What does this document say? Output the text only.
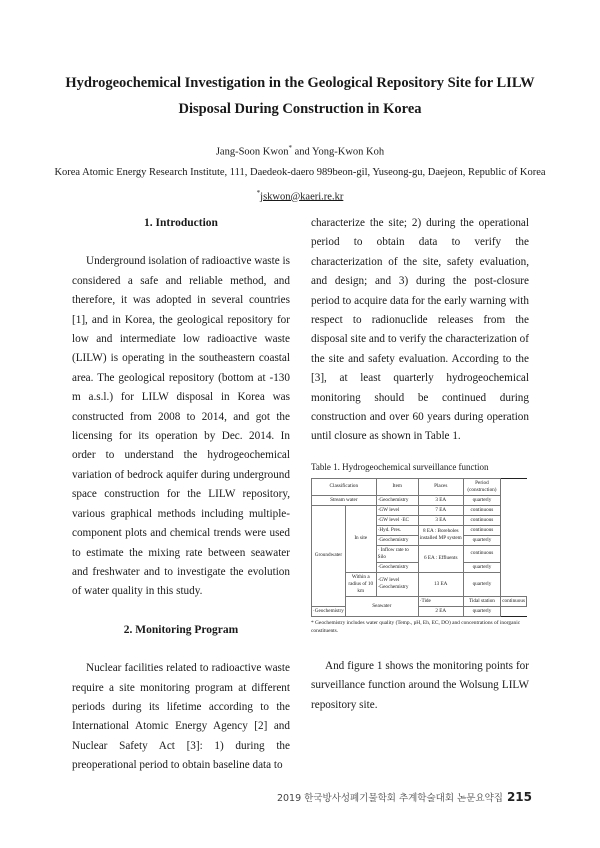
Hydrogeochemical Investigation in the Geological Repository Site for LILW
Disposal During Construction in Korea
Jang-Soon Kwon* and Yong-Kwon Koh
Korea Atomic Energy Research Institute, 111, Daedeok-daero 989beon-gil, Yuseong-gu, Daejeon, Republic of Korea
*jskwon@kaeri.re.kr
1. Introduction

Underground isolation of radioactive waste is considered a safe and reliable method, and therefore, it was adopted in several countries [1], and in Korea, the geological repository for low and intermediate low radioactive waste (LILW) is operating in the southeastern coastal area. The geological repository (bottom at -130 m a.s.l.) for LILW disposal in Korea was constructed from 2008 to 2014, and got the licensing for its operation by Dec. 2014. In order to understand the hydrogeochemical variation of bedrock aquifer during underground space construction for the LILW repository, various graphical methods including multiple-component plots and chemical trends were used to estimate the mixing rate between seawater and freshwater and to investigate the evolution of water quality in this study.

2. Monitoring Program

Nuclear facilities related to radioactive waste require a site monitoring program at different periods during its lifetime according to the International Atomic Energy Agency [2] and Nuclear Safety Act [3]: 1) during the preoperational period to obtain baseline data to

characterize the site; 2) during the operational period to obtain data to verify the characterization of the site, safety evaluation, and design; and 3) during the post-closure period to acquire data for the early warning with respect to radionuclide releases from the disposal site and to verify the characterization of the site and safety evaluation. According to the [3], at least quarterly hydrogeochemical monitoring should be continued during construction and over 60 years during operation until closure as shown in Table 1.

Table 1. Hydrogeochemical surveillance function
Classification		Item	Places	Period (construction)	
Stream water		·Geochemistry	3 EA	quarterly	
Groundwater	In site	·GW level	7 EA	continuous	
		·GW level ·EC	3 EA	continuous	
		·Hyd. Pres.	8 EA : Boreholes installed MP system	continuous	
		·Geochemistry		quarterly	
		· Inflow rate to Silo	6 EA : Effluents	continuous	
		·Geochemistry		quarterly	

	Within a radius of 10 km	·GW level ·Geochemistry	13 EA	quarterly	
	Seawater		·Tide	Tidal station	continuous
·Geochemistry			2 EA	quarterly	
* Geochemistry includes water quality (Temp., pH, Eh, EC, DO) and concentrations of inorganic constituents.

And figure 1 shows the monitoring points for surveillance function around the Wolsung LILW repository site.

2019 한국방사성폐기물학회 추계학술대회 논문요약집 215
